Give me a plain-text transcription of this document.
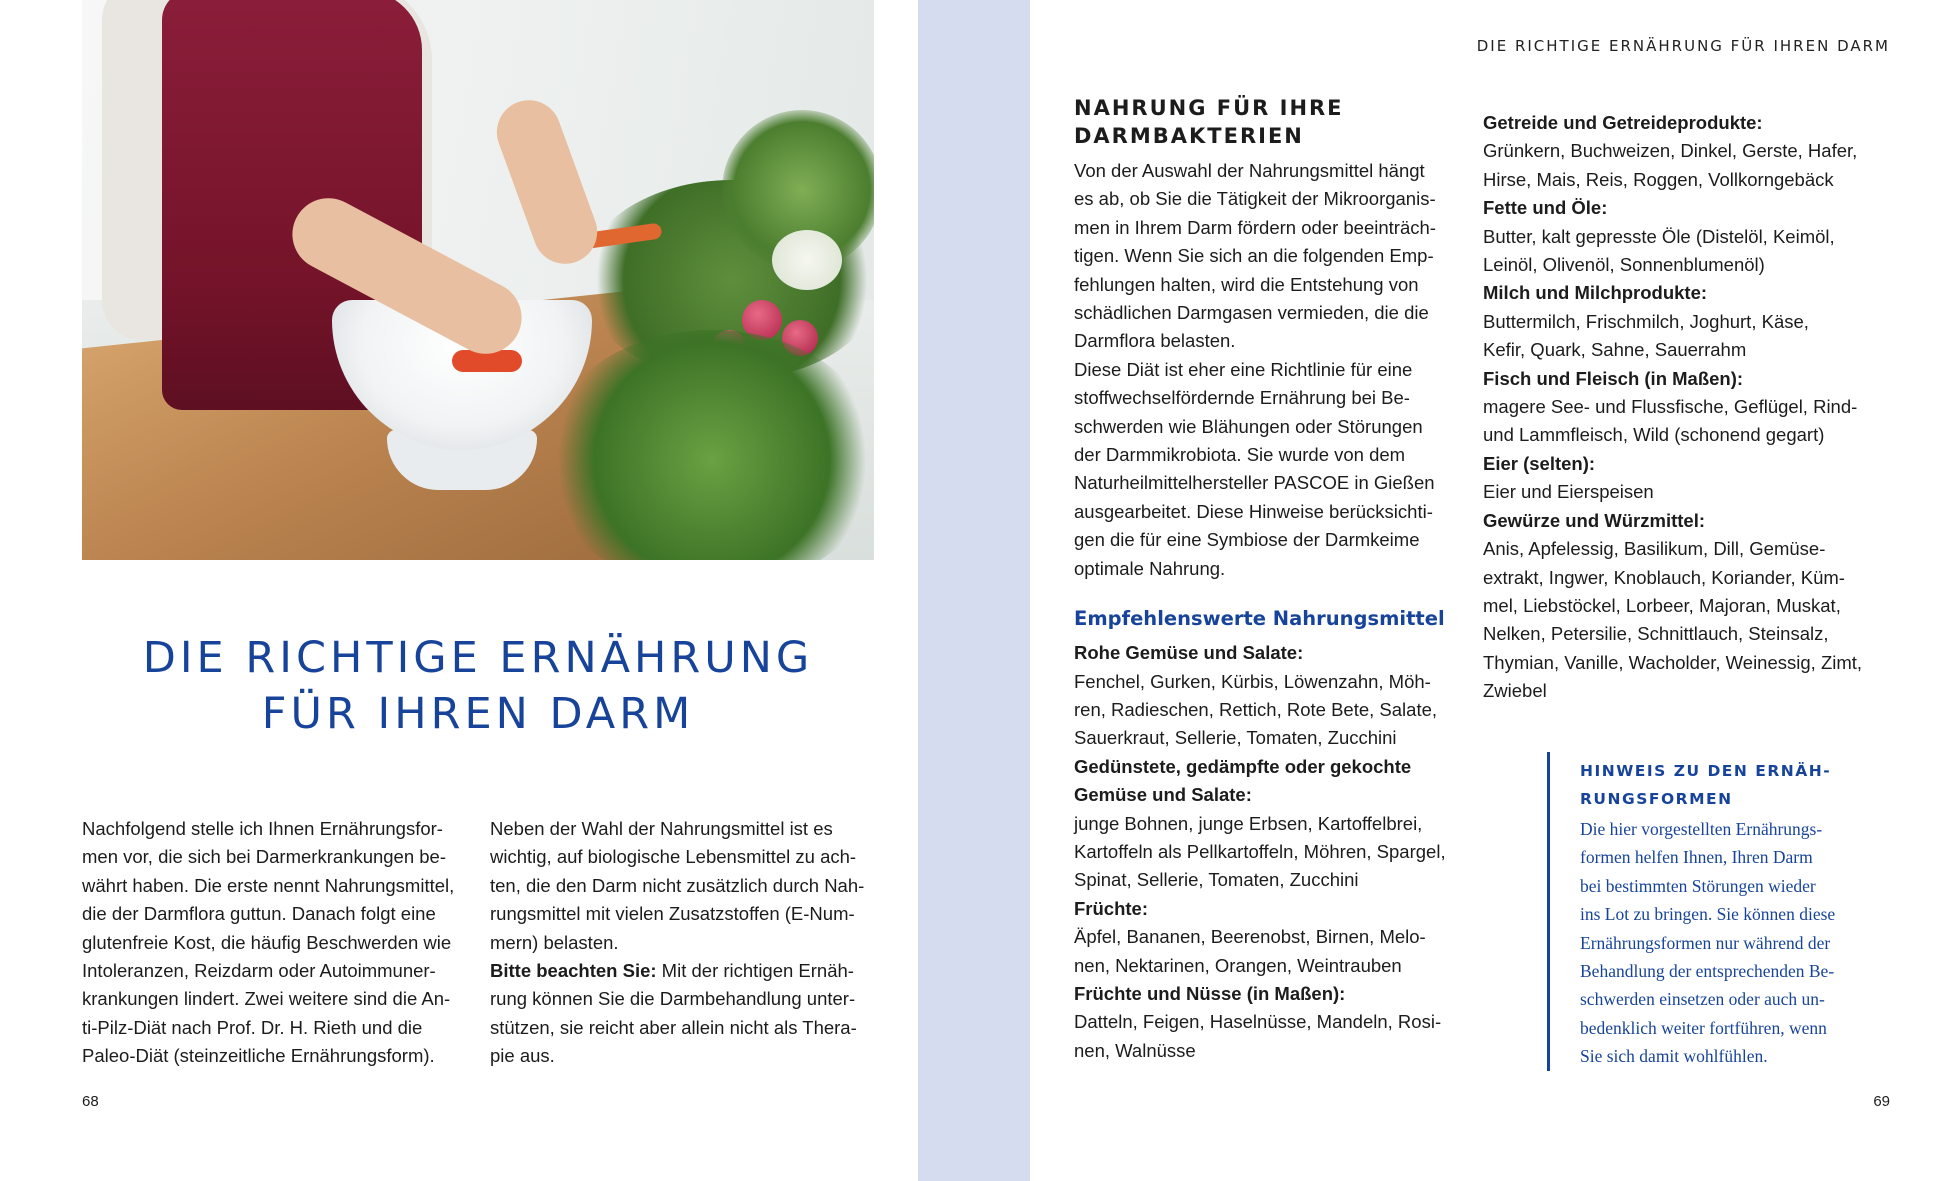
DIE RICHTIGE ERNÄHRUNG
FÜR IHREN DARM
Nachfolgend stelle ich Ihnen Ernährungsfor-
men vor, die sich bei Darmerkrankungen be-
währt haben. Die erste nennt Nahrungsmittel,
die der Darmflora guttun. Danach folgt eine
glutenfreie Kost, die häufig Beschwerden wie
Intoleranzen, Reizdarm oder Autoimmuner-
krankungen lindert. Zwei weitere sind die An-
ti-Pilz-Diät nach Prof. Dr. H. Rieth und die
Paleo-Diät (steinzeitliche Ernährungsform).
Neben der Wahl der Nahrungsmittel ist es
wichtig, auf biologische Lebensmittel zu ach-
ten, die den Darm nicht zusätzlich durch Nah-
rungsmittel mit vielen Zusatzstoffen (E-Num-
mern) belasten.
Bitte beachten Sie: Mit der richtigen Ernäh-
rung können Sie die Darmbehandlung unter-
stützen, sie reicht aber allein nicht als Thera-
pie aus.
68
DIE RICHTIGE ERNÄHRUNG FÜR IHREN DARM
NAHRUNG FÜR IHRE
DARMBAKTERIEN
Von der Auswahl der Nahrungsmittel hängt
es ab, ob Sie die Tätigkeit der Mikroorganis-
men in Ihrem Darm fördern oder beeinträch-
tigen. Wenn Sie sich an die folgenden Emp-
fehlungen halten, wird die Entstehung von
schädlichen Darmgasen vermieden, die die
Darmflora belasten.
Diese Diät ist eher eine Richtlinie für eine
stoffwechselfördernde Ernährung bei Be-
schwerden wie Blähungen oder Störungen
der Darmmikrobiota. Sie wurde von dem
Naturheilmittelhersteller PASCOE in Gießen
ausgearbeitet. Diese Hinweise berücksichti-
gen die für eine Symbiose der Darmkeime
optimale Nahrung.
Empfehlenswerte Nahrungsmittel
Rohe Gemüse und Salate:
Fenchel, Gurken, Kürbis, Löwenzahn, Möh-
ren, Radieschen, Rettich, Rote Bete, Salate,
Sauerkraut, Sellerie, Tomaten, Zucchini
Gedünstete, gedämpfte oder gekochte
Gemüse und Salate:
junge Bohnen, junge Erbsen, Kartoffelbrei,
Kartoffeln als Pellkartoffeln, Möhren, Spargel,
Spinat, Sellerie, Tomaten, Zucchini
Früchte:
Äpfel, Bananen, Beerenobst, Birnen, Melo-
nen, Nektarinen, Orangen, Weintrauben
Früchte und Nüsse (in Maßen):
Datteln, Feigen, Haselnüsse, Mandeln, Rosi-
nen, Walnüsse
Getreide und Getreideprodukte:
Grünkern, Buchweizen, Dinkel, Gerste, Hafer,
Hirse, Mais, Reis, Roggen, Vollkorngebäck
Fette und Öle:
Butter, kalt gepresste Öle (Distelöl, Keimöl,
Leinöl, Olivenöl, Sonnenblumenöl)
Milch und Milchprodukte:
Buttermilch, Frischmilch, Joghurt, Käse,
Kefir, Quark, Sahne, Sauerrahm
Fisch und Fleisch (in Maßen):
magere See- und Flussfische, Geflügel, Rind-
und Lammfleisch, Wild (schonend gegart)
Eier (selten):
Eier und Eierspeisen
Gewürze und Würzmittel:
Anis, Apfelessig, Basilikum, Dill, Gemüse-
extrakt, Ingwer, Knoblauch, Koriander, Küm-
mel, Liebstöckel, Lorbeer, Majoran, Muskat,
Nelken, Petersilie, Schnittlauch, Steinsalz,
Thymian, Vanille, Wacholder, Weinessig, Zimt,
Zwiebel
HINWEIS ZU DEN ERNÄH-
RUNGSFORMEN
Die hier vorgestellten Ernährungs-
formen helfen Ihnen, Ihren Darm
bei bestimmten Störungen wieder
ins Lot zu bringen. Sie können diese
Ernährungsformen nur während der
Behandlung der entsprechenden Be-
schwerden einsetzen oder auch un-
bedenklich weiter fortführen, wenn
Sie sich damit wohlfühlen.
69
